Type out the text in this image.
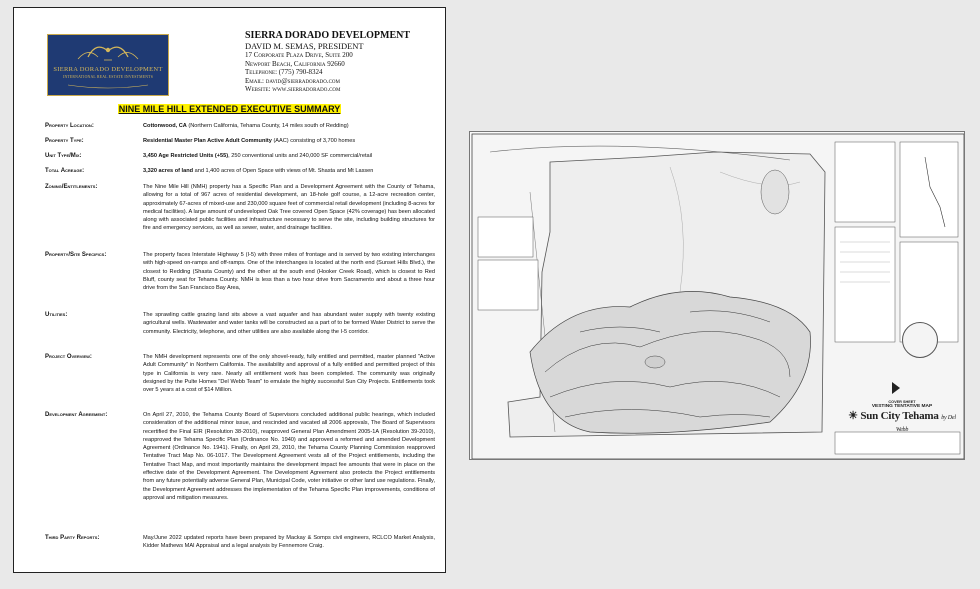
SIERRA DORADO DEVELOPMENT
INTERNATIONAL REAL ESTATE INVESTMENTS
SIERRA DORADO DEVELOPMENT
DAVID M. SEMAS, PRESIDENT
17 Corporate Plaza Drive, Suite 200
Newport Beach, California 92660
Telephone: (775) 790-8324
Email: david@sierradorado.com
Website: www.sierradorado.com
NINE MILE HILL EXTENDED EXECUTIVE SUMMARY
Property Location:	Cottonwood, CA (Northern California, Tehama County, 14 miles south of Redding)
Property Type:	Residential Master Plan Active Adult Community (AAC) consisting of 3,700 homes
Unit Type/Mix:	3,450 Age Restricted Units (+55), 250 conventional units and 240,000 SF commercial/retail
Total Acreage:	3,320 acres of land and 1,400 acres of Open Space with views of Mt. Shasta and Mt Lassen
Zoning/Entitlements:	The Nine Mile Hill (NMH) property has a Specific Plan and a Development Agreement with the County of Tehama, allowing for a total of 967 acres of residential development, an 18-hole golf course, a 12-acre recreation center, approximately 67-acres of mixed-use and 230,000 square feet of commercial retail development (including 8-acres for medical facilities). A large amount of undeveloped Oak Tree covered Open Space (42% coverage) has been allocated along with associated public facilities and infrastructure necessary to serve the site, including building structures for fire and emergency services, as well as sewer, water, and drainage facilities.
Property/Site Specifics:	The property faces Interstate Highway 5 (I-5) with three miles of frontage and is served by two existing interchanges with high-speed on-ramps and off-ramps. One of the interchanges is located at the north end (Sunset Hills Blvd.), the closest to Redding (Shasta County) and the other at the south end (Hooker Creek Road), which is closest to Red Bluff, county seat for Tehama County. NMH is less than a two hour drive from Sacramento and about a three hour drive from the San Francisco Bay Area,
Utilities:	The sprawling cattle grazing land sits above a vast aquafer and has abundant water supply with twenty existing agricultural wells. Wastewater and water tanks will be constructed as a part of to be formed Water District to serve the community. Electricity, telephone, and other utilities are also available along the I-5 corridor.
Project Overview:	The NMH development represents one of the only shovel-ready, fully entitled and permitted, master planned "Active Adult Community" in Northern California. The availability and approval of a fully entitled and permitted project of this type in California is very rare. Nearly all entitlement work has been completed. The community was originally designed by the Pulte Homes "Del Webb Team" to emulate the highly successful Sun City Projects. Entitlements took over 5 years at a cost of $14 Million.
Development Agreement:	On April 27, 2010, the Tehama County Board of Supervisors concluded additional public hearings, which included consideration of the additional minor issue, and rescinded and vacated all 2006 approvals, The Board of Supervisors recertified the Final EIR (Resolution 38-2010), reapproved General Plan Amendment 2005-1A (Resolution 39-2010), reapproved the Tehama Specific Plan (Ordinance No. 1940) and approved a reformed and amended Development Agreement (Ordinance No. 1941). Finally, on April 29, 2010, the Tehama County Planning Commission reapproved Tentative Tract Map No. 06-1017. The Development Agreement vests all of the Project entitlements, including the Tentative Tract Map, and most importantly maintains the development impact fee amounts that were in place on the effective date of the Development Agreement. The Development Agreement also protects the Project entitlements from any future potentially adverse General Plan, Municipal Code, voter initiative or other land use regulations. Finally, the Development Agreement addresses the implementation of the Tehama Specific Plan improvements, conditions of approval and mitigation measures.
Third Party Reports:	May/June 2022 updated reports have been prepared by Mackay & Somps civil engineers, RCLCO Market Analysis, Kidder Mathews MAI Appraisal and a legal analysis by Fennemore Craig.
COVER SHEET
VESTING TENTATIVE MAP
☀ Sun City Tehama by Del Webb
